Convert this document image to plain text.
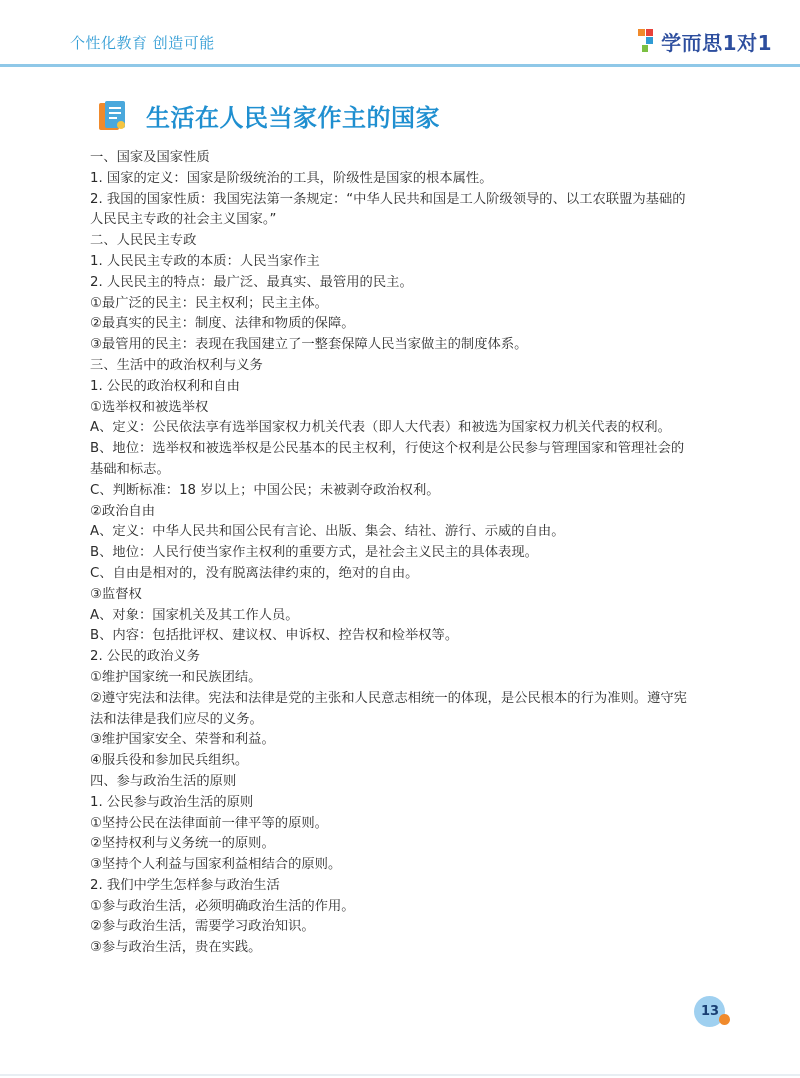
个性化教育 创造可能	学而思1对1
生活在人民当家作主的国家

一、国家及国家性质

1. 国家的定义：国家是阶级统治的工具，阶级性是国家的根本属性。

2. 我国的国家性质：我国宪法第一条规定：“中华人民共和国是工人阶级领导的、以工农联盟为基础的

人民民主专政的社会主义国家。”

二、人民民主专政

1. 人民民主专政的本质：人民当家作主

2. 人民民主的特点：最广泛、最真实、最管用的民主。

①最广泛的民主：民主权利；民主主体。

②最真实的民主：制度、法律和物质的保障。

③最管用的民主：表现在我国建立了一整套保障人民当家做主的制度体系。

三、生活中的政治权利与义务

1. 公民的政治权利和自由

①选举权和被选举权

A、定义：公民依法享有选举国家权力机关代表（即人大代表）和被选为国家权力机关代表的权利。

B、地位：选举权和被选举权是公民基本的民主权利，行使这个权利是公民参与管理国家和管理社会的

基础和标志。

C、判断标准：18 岁以上；中国公民；未被剥夺政治权利。

②政治自由

A、定义：中华人民共和国公民有言论、出版、集会、结社、游行、示威的自由。

B、地位：人民行使当家作主权利的重要方式，是社会主义民主的具体表现。

C、自由是相对的，没有脱离法律约束的，绝对的自由。

③监督权

A、对象：国家机关及其工作人员。

B、内容：包括批评权、建议权、申诉权、控告权和检举权等。

2. 公民的政治义务

①维护国家统一和民族团结。

②遵守宪法和法律。宪法和法律是党的主张和人民意志相统一的体现，是公民根本的行为准则。遵守宪

法和法律是我们应尽的义务。

③维护国家安全、荣誉和利益。

④服兵役和参加民兵组织。

四、参与政治生活的原则

1. 公民参与政治生活的原则

①坚持公民在法律面前一律平等的原则。

②坚持权利与义务统一的原则。

③坚持个人利益与国家利益相结合的原则。

2. 我们中学生怎样参与政治生活

①参与政治生活，必须明确政治生活的作用。

②参与政治生活，需要学习政治知识。

③参与政治生活，贵在实践。

13
